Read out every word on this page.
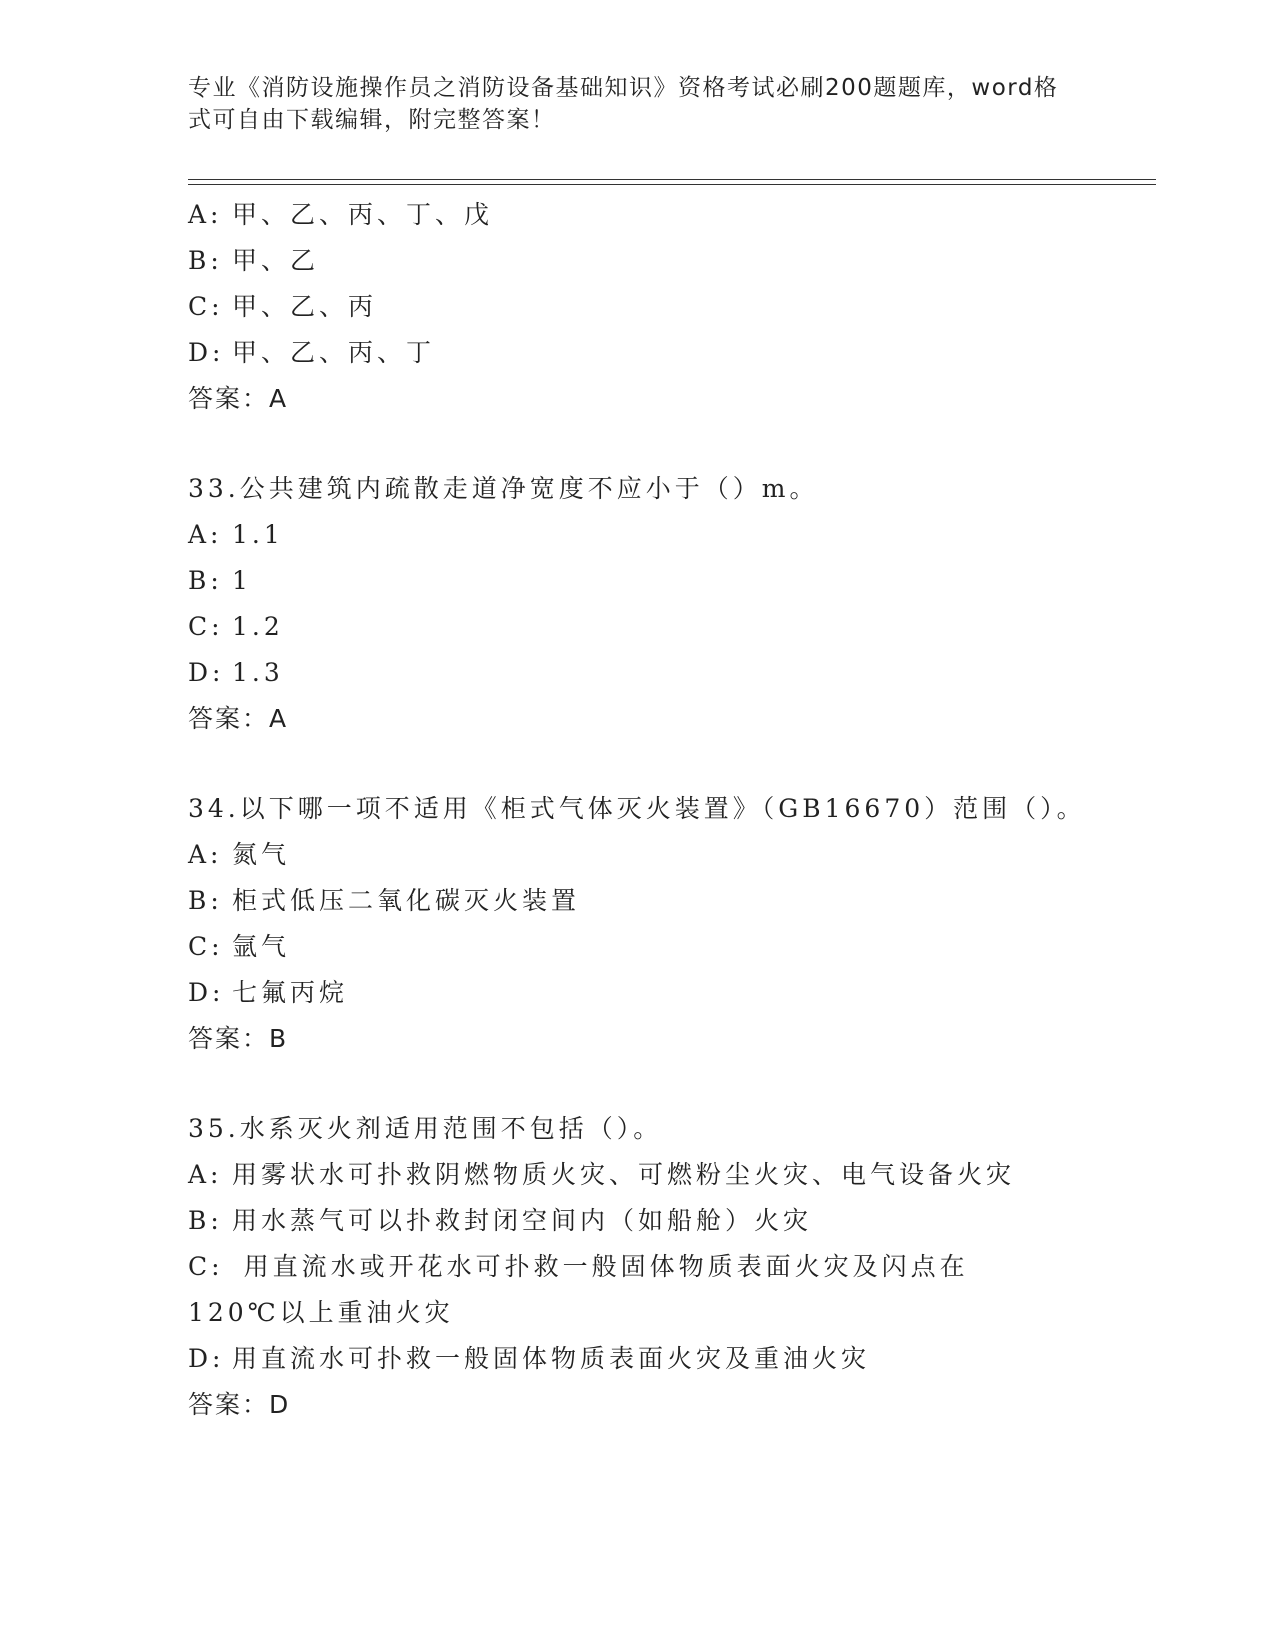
专业《消防设施操作员之消防设备基础知识》资格考试必刷200题题库，word格式可自由下载编辑，附完整答案！
A: 甲、乙、丙、丁、戊
B: 甲、乙
C: 甲、乙、丙
D: 甲、乙、丙、丁
答案：A
33.公共建筑内疏散走道净宽度不应小于（）m。
A: 1.1
B: 1
C: 1.2
D: 1.3
答案：A
34.以下哪一项不适用《柜式气体灭火装置》（GB16670）范围（）。
A: 氮气
B: 柜式低压二氧化碳灭火装置
C: 氩气
D: 七氟丙烷
答案：B
35.水系灭火剂适用范围不包括（）。
A: 用雾状水可扑救阴燃物质火灾、可燃粉尘火灾、电气设备火灾
B: 用水蒸气可以扑救封闭空间内（如船舱）火灾
C: 用直流水或开花水可扑救一般固体物质表面火灾及闪点在120℃以上重油火灾
D: 用直流水可扑救一般固体物质表面火灾及重油火灾
答案：D
